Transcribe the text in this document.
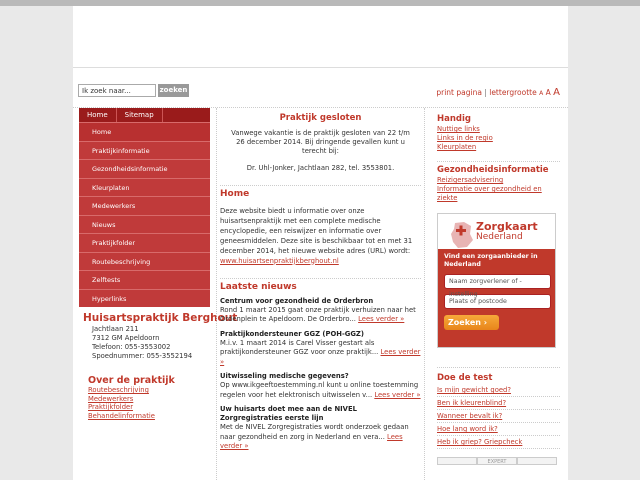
Ik zoek naar...
zoeken	print pagina | lettergrootte A A A
Home	Sitemap
Home
Praktijkinformatie
Gezondheidsinformatie
Kleurplaten
Medewerkers
Nieuws
Praktijkfolder
Routebeschrijving
Zelftests
Hyperlinks
Huisartspraktijk Berghout

Jachtlaan 211

7312 GM Apeldoorn

Telefoon: 055-3553002

Spoednummer: 055-3552194

Over de praktijk
Routebeschrijving
Medewerkers
Praktijkfolder
Behandelinformatie
Praktijk gesloten
Vanwege vakantie is de praktijk gesloten van 22 t/m 26 december 2014. Bij dringende gevallen kunt u terecht bij:
Dr. Uhl-Jonker, Jachtlaan 282, tel. 3553801.
Home
Deze website biedt u informatie over onze huisartsenpraktijk met een complete medische encyclopedie, een reiswijzer en informatie over geneesmiddelen. Deze site is beschikbaar tot en met 31 december 2014, het nieuwe website adres (URL) wordt: www.huisartsenpraktijkberghout.nl
Laatste nieuws
Centrum voor gezondheid de Orderbron

Rond 1 maart 2015 gaat onze praktijk verhuizen naar het Ordenplein te Apeldoorn. De Orderbro... Lees verder »

Praktijkondersteuner GGZ (POH-GGZ)

M.i.v. 1 maart 2014 is Carel Visser gestart als praktijkondersteuner GGZ voor onze praktijk... Lees verder »

Uitwisseling medische gegevens?

Op www.ikgeeftoestemming.nl kunt u online toestemming regelen voor het elektronisch uitwisselen v... Lees verder »

Uw huisarts doet mee aan de NIVEL Zorgregistraties eerste lijn

Met de NIVEL Zorgregistraties wordt onderzoek gedaan naar gezondheid en zorg in Nederland en vera... Lees verder »

Handig
Nuttige links
Links in de regio
Kleurplaten
Gezondheidsinformatie
Reizigersadvisering
Informatie over gezondheid en ziekte
Zorgkaart
Nederland
Vind een zorgaanbieder in Nederland
Naam zorgverlener of -
Plaats of postcode
Zoeken ›
Doe de test
Is mijn gewicht goed?
Ben ik kleurenblind?
Wanneer bevalt ik?
Hoe lang word ik?
Heb ik griep? Griepcheck
EXPERT
